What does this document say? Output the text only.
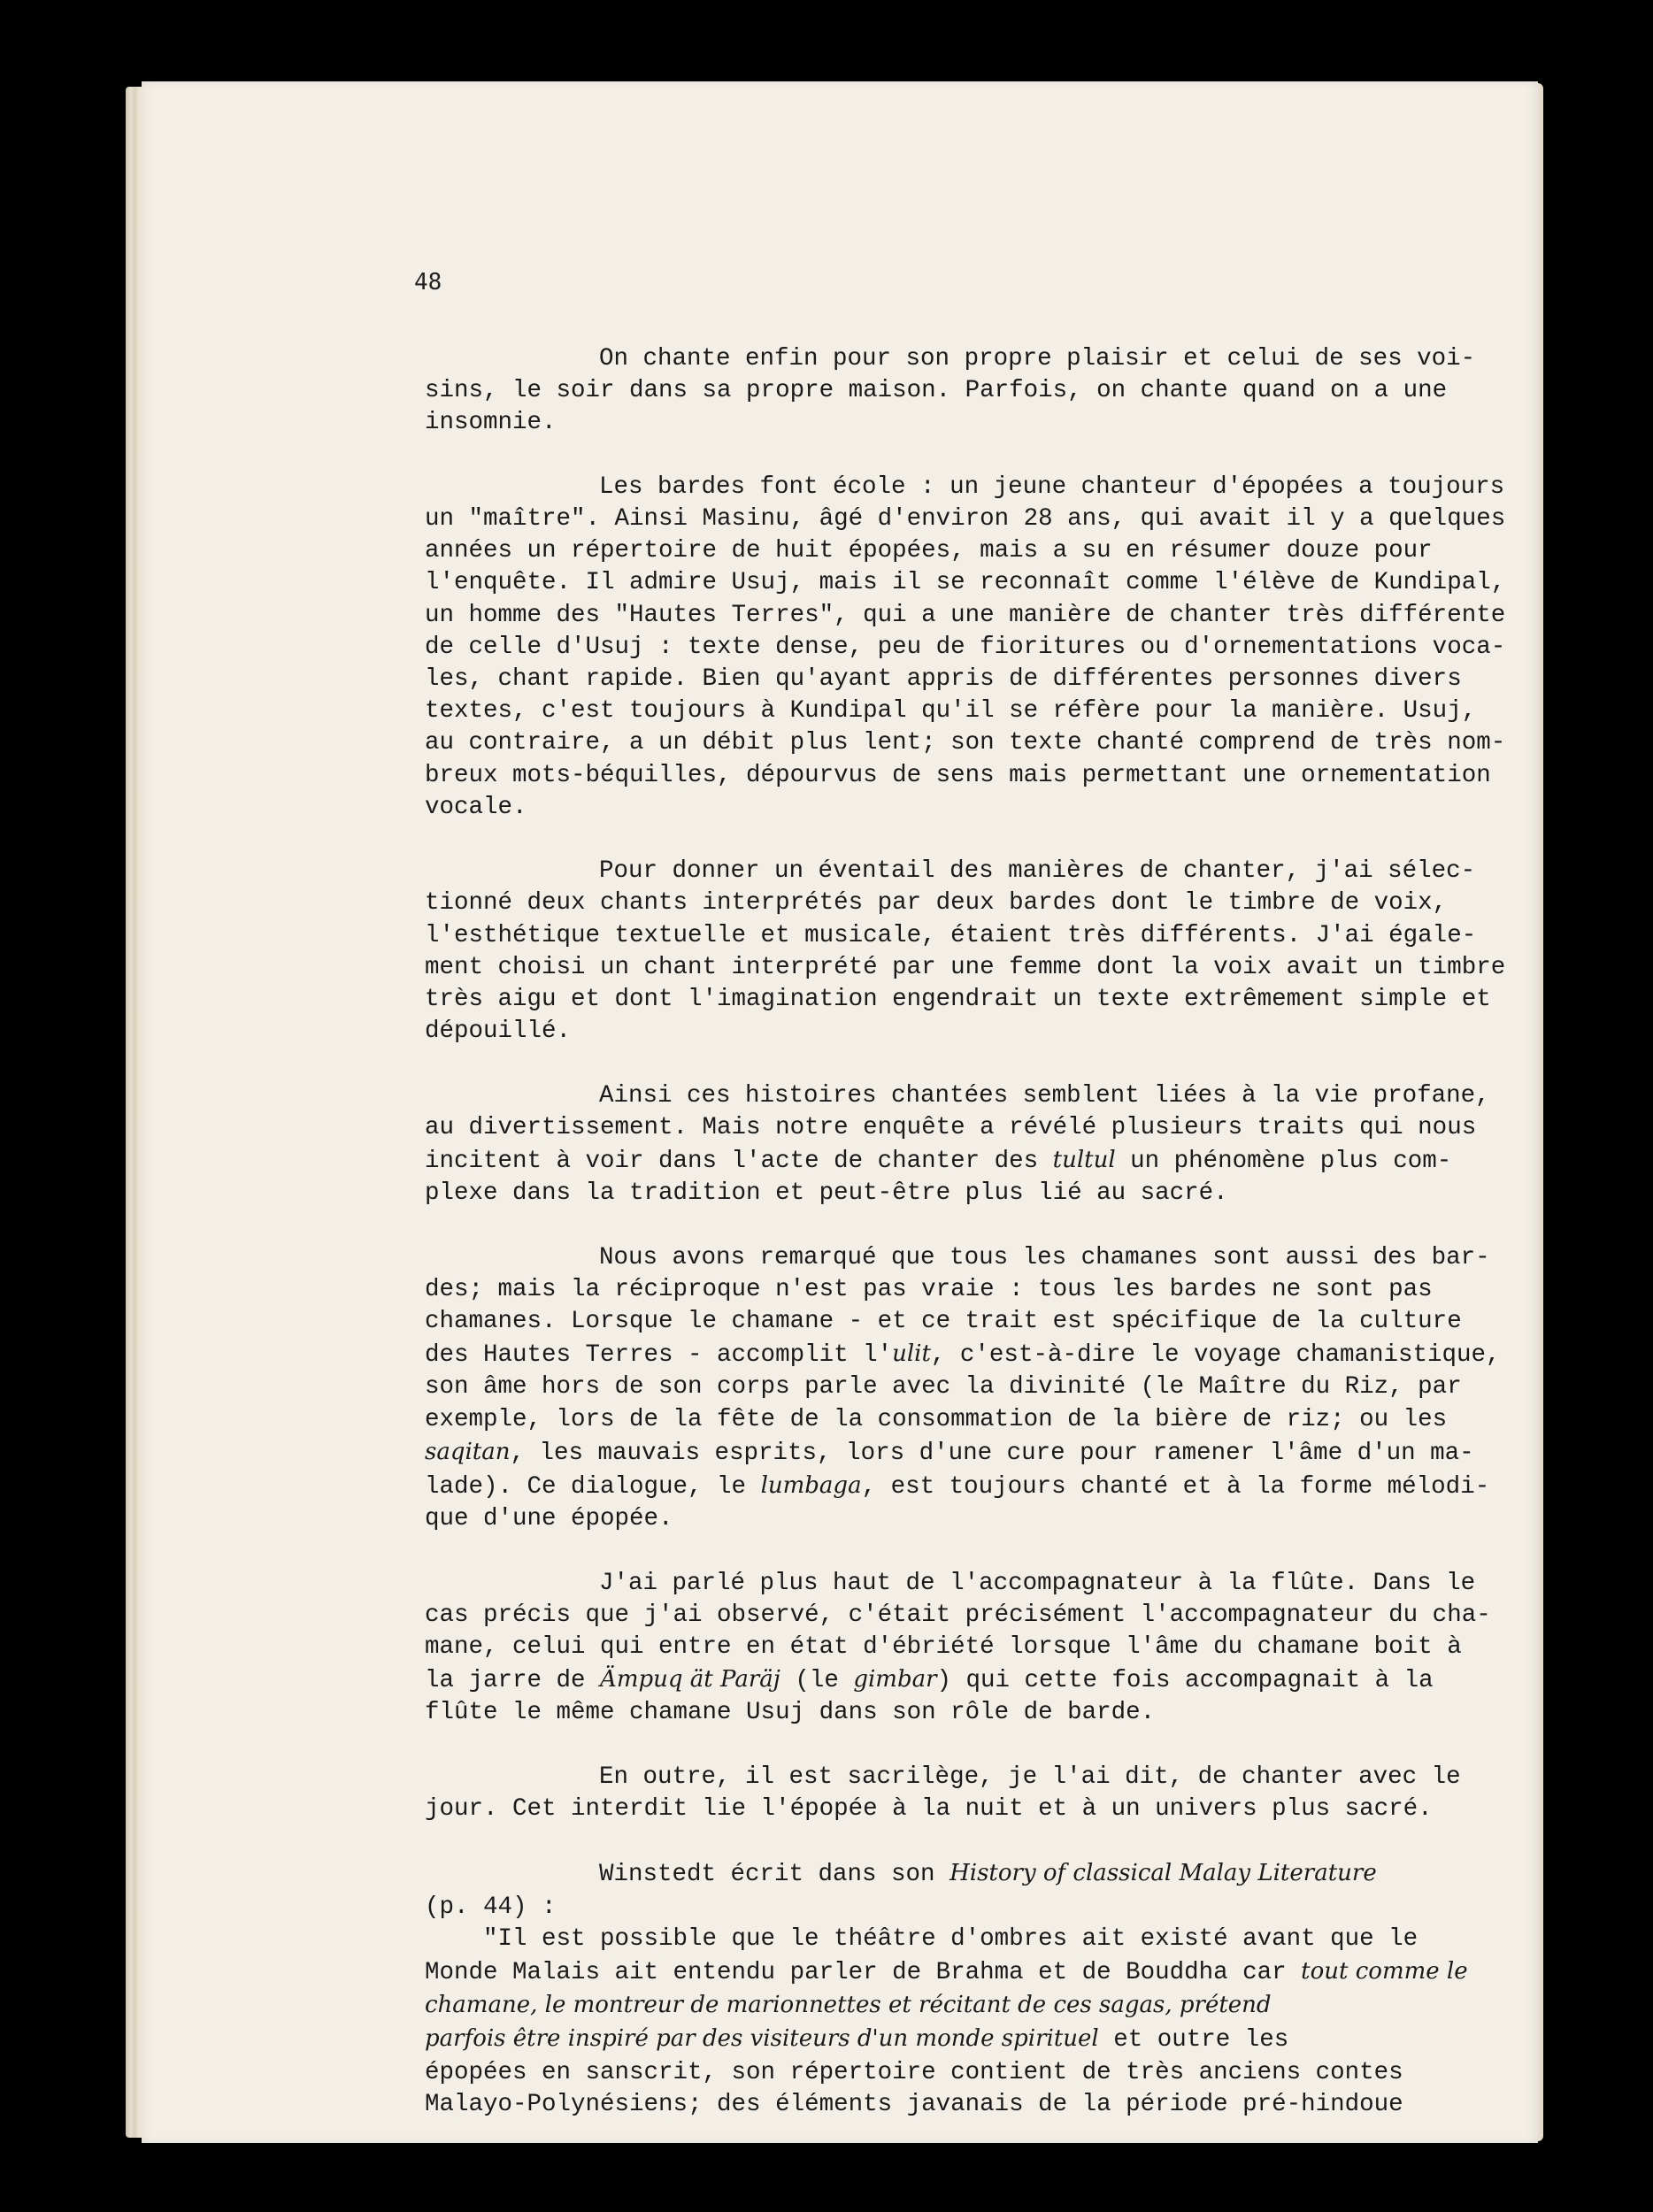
48
On chante enfin pour son propre plaisir et celui de ses voi-
sins, le soir dans sa propre maison. Parfois, on chante quand on a une
insomnie.
Les bardes font école : un jeune chanteur d'épopées a toujours
un "maître". Ainsi Masinu, âgé d'environ 28 ans, qui avait il y a quelques
années un répertoire de huit épopées, mais a su en résumer douze pour
l'enquête. Il admire Usuj, mais il se reconnaît comme l'élève de Kundipal,
un homme des "Hautes Terres", qui a une manière de chanter très différente
de celle d'Usuj : texte dense, peu de fioritures ou d'ornementations voca-
les, chant rapide. Bien qu'ayant appris de différentes personnes divers
textes, c'est toujours à Kundipal qu'il se réfère pour la manière. Usuj,
au contraire, a un débit plus lent; son texte chanté comprend de très nom-
breux mots-béquilles, dépourvus de sens mais permettant une ornementation
vocale.
Pour donner un éventail des manières de chanter, j'ai sélec-
tionné deux chants interprétés par deux bardes dont le timbre de voix,
l'esthétique textuelle et musicale, étaient très différents. J'ai égale-
ment choisi un chant interprété par une femme dont la voix avait un timbre
très aigu et dont l'imagination engendrait un texte extrêmement simple et
dépouillé.
Ainsi ces histoires chantées semblent liées à la vie profane,
au divertissement. Mais notre enquête a révélé plusieurs traits qui nous
incitent à voir dans l'acte de chanter des tultul un phénomène plus com-
plexe dans la tradition et peut-être plus lié au sacré.
Nous avons remarqué que tous les chamanes sont aussi des bar-
des; mais la réciproque n'est pas vraie : tous les bardes ne sont pas
chamanes. Lorsque le chamane - et ce trait est spécifique de la culture
des Hautes Terres - accomplit l'ulit, c'est-à-dire le voyage chamanistique,
son âme hors de son corps parle avec la divinité (le Maître du Riz, par
exemple, lors de la fête de la consommation de la bière de riz; ou les
saqitan, les mauvais esprits, lors d'une cure pour ramener l'âme d'un ma-
lade). Ce dialogue, le lumbaga, est toujours chanté et à la forme mélodi-
que d'une épopée.
J'ai parlé plus haut de l'accompagnateur à la flûte. Dans le
cas précis que j'ai observé, c'était précisément l'accompagnateur du cha-
mane, celui qui entre en état d'ébriété lorsque l'âme du chamane boit à
la jarre de Ämpuq ät Paräj (le gimbar) qui cette fois accompagnait à la
flûte le même chamane Usuj dans son rôle de barde.
En outre, il est sacrilège, je l'ai dit, de chanter avec le
jour. Cet interdit lie l'épopée à la nuit et à un univers plus sacré.
Winstedt écrit dans son History of classical Malay Literature
(p. 44) :
"Il est possible que le théâtre d'ombres ait existé avant que le
Monde Malais ait entendu parler de Brahma et de Bouddha car tout comme le
chamane, le montreur de marionnettes et récitant de ces sagas, prétend
parfois être inspiré par des visiteurs d'un monde spirituel et outre les
épopées en sanscrit, son répertoire contient de très anciens contes
Malayo-Polynésiens; des éléments javanais de la période pré-hindoue
